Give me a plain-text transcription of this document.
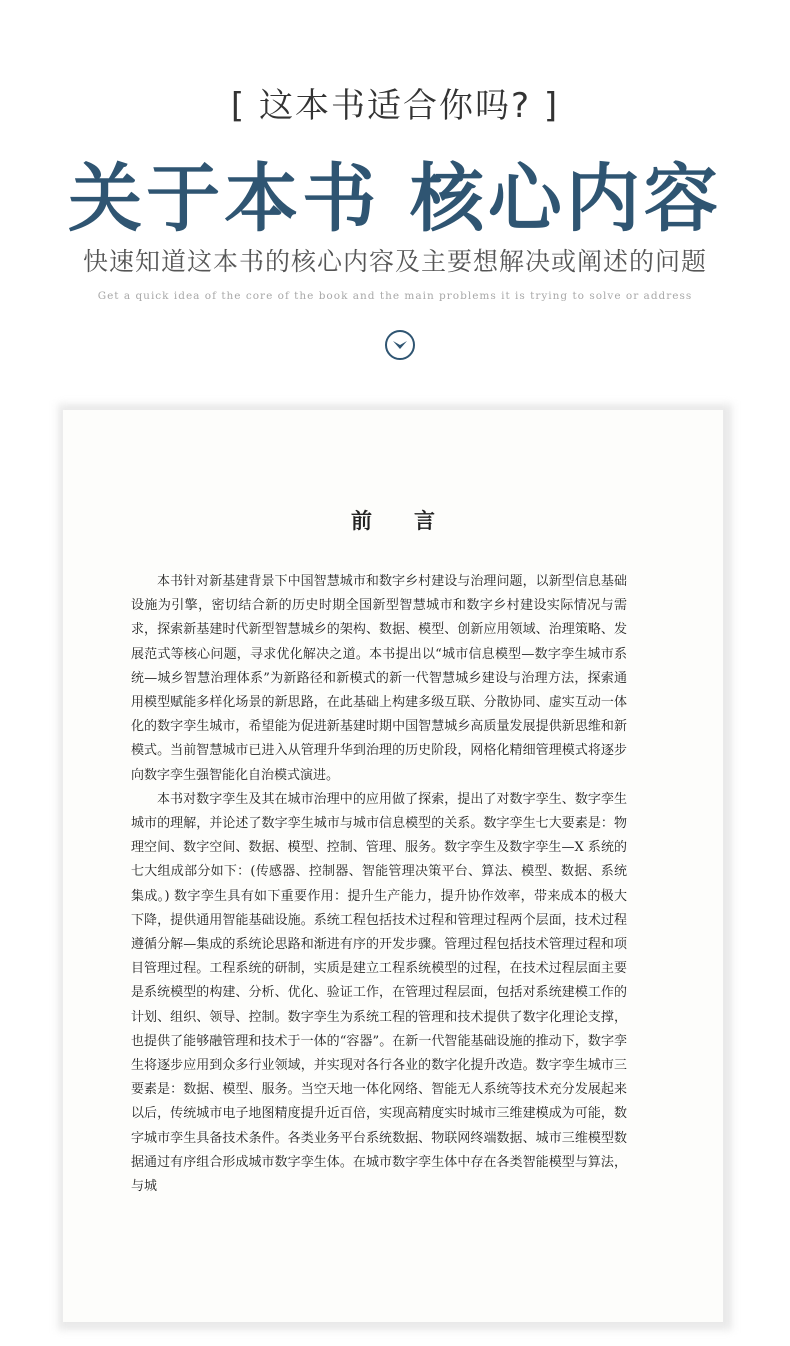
[ 这本书适合你吗? ]
关于本书 核心内容
快速知道这本书的核心内容及主要想解决或阐述的问题
Get a quick idea of the core of the book and the main problems it is trying to solve or address
前言

本书针对新基建背景下中国智慧城市和数字乡村建设与治理问题，以新型信息基础设施为引擎，密切结合新的历史时期全国新型智慧城市和数字乡村建设实际情况与需求，探索新基建时代新型智慧城乡的架构、数据、模型、创新应用领域、治理策略、发展范式等核心问题，寻求优化解决之道。本书提出以“城市信息模型—数字孪生城市系统—城乡智慧治理体系”为新路径和新模式的新一代智慧城乡建设与治理方法，探索通用模型赋能多样化场景的新思路，在此基础上构建多级互联、分散协同、虚实互动一体化的数字孪生城市，希望能为促进新基建时期中国智慧城乡高质量发展提供新思维和新模式。当前智慧城市已进入从管理升华到治理的历史阶段，网格化精细管理模式将逐步向数字孪生强智能化自治模式演进。

本书对数字孪生及其在城市治理中的应用做了探索，提出了对数字孪生、数字孪生城市的理解，并论述了数字孪生城市与城市信息模型的关系。数字孪生七大要素是：物理空间、数字空间、数据、模型、控制、管理、服务。数字孪生及数字孪生—X 系统的七大组成部分如下：(传感器、控制器、智能管理决策平台、算法、模型、数据、系统集成。) 数字孪生具有如下重要作用：提升生产能力，提升协作效率，带来成本的极大下降，提供通用智能基础设施。系统工程包括技术过程和管理过程两个层面，技术过程遵循分解—集成的系统论思路和渐进有序的开发步骤。管理过程包括技术管理过程和项目管理过程。工程系统的研制，实质是建立工程系统模型的过程，在技术过程层面主要是系统模型的构建、分析、优化、验证工作，在管理过程层面，包括对系统建模工作的计划、组织、领导、控制。数字孪生为系统工程的管理和技术提供了数字化理论支撑，也提供了能够融管理和技术于一体的“容器”。在新一代智能基础设施的推动下，数字孪生将逐步应用到众多行业领域，并实现对各行各业的数字化提升改造。数字孪生城市三要素是：数据、模型、服务。当空天地一体化网络、智能无人系统等技术充分发展起来以后，传统城市电子地图精度提升近百倍，实现高精度实时城市三维建模成为可能，数字城市孪生具备技术条件。各类业务平台系统数据、物联网终端数据、城市三维模型数据通过有序组合形成城市数字孪生体。在城市数字孪生体中存在各类智能模型与算法，与城
